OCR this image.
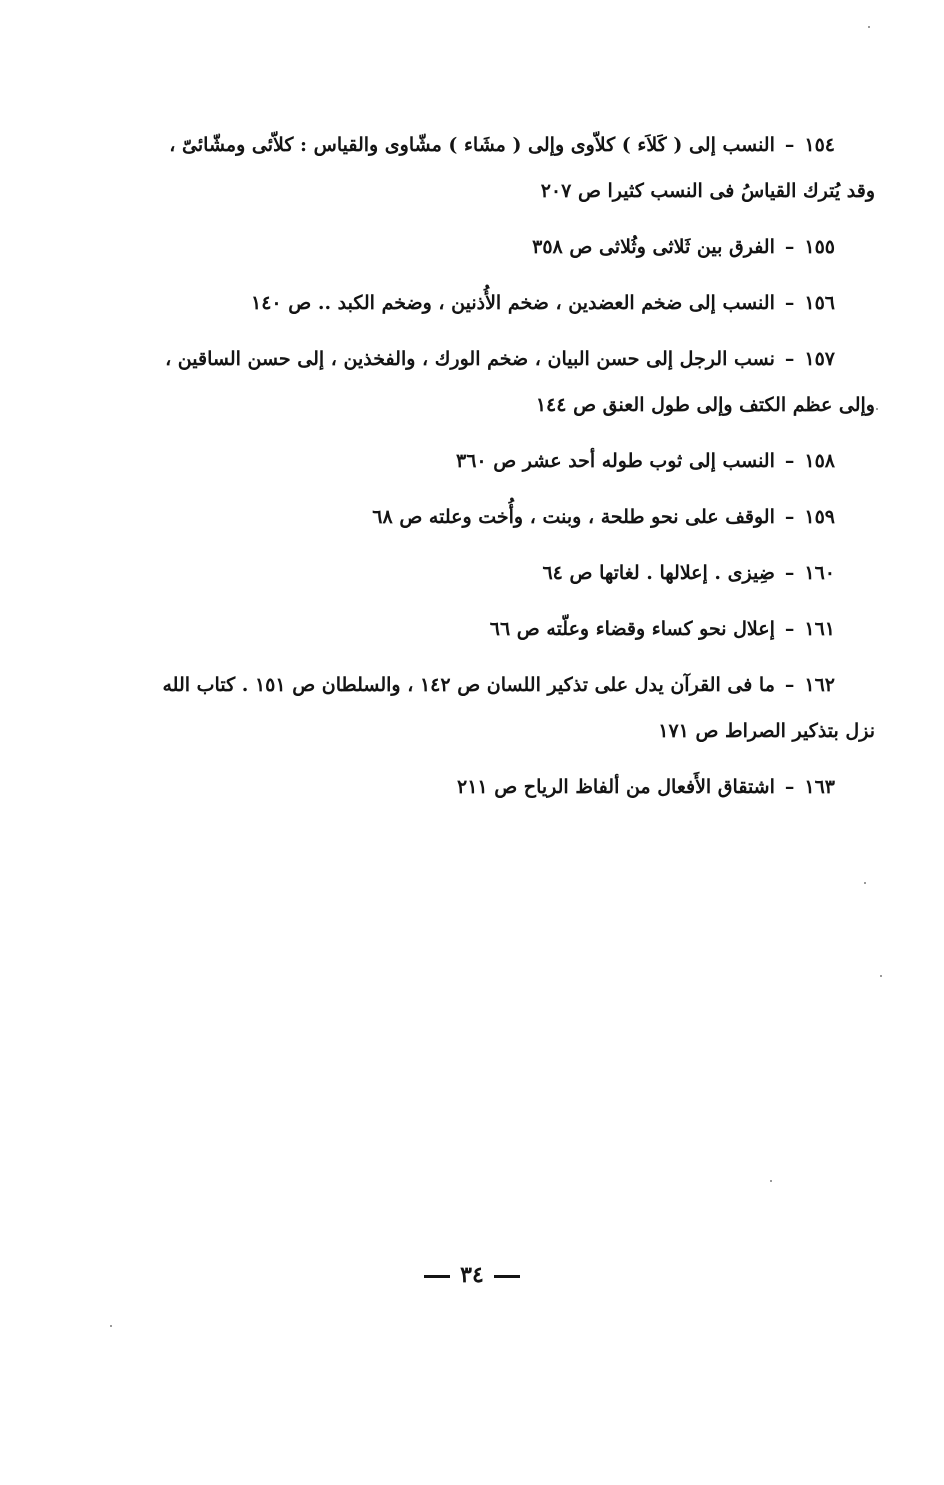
١٥٤–النسب إلى ( كَلاَء ) كلاّوى وإلى ( مشَاء ) مشّاوى والقياس : كلاّئى ومشّائىّ ،
وقد يُترك القياسُ فى النسب كثيرا ص ٢٠٧
١٥٥–الفرق بين ثَلاثى وثُلاثى ص ٣٥٨
١٥٦–النسب إلى ضخم العضدين ، ضخم الأُذنين ، وضخم الكبد .. ص ١٤٠
١٥٧–نسب الرجل إلى حسن البيان ، ضخم الورك ، والفخذين ، إلى حسن الساقين ،
وإلى عظم الكتف وإلى طول العنق ص ١٤٤
١٥٨–النسب إلى ثوب طوله أحد عشر ص ٣٦٠
١٥٩–الوقف على نحو طلحة ، وبنت ، وأُخت وعلته ص ٦٨
١٦٠–ضِيزى . إعلالها . لغاتها ص ٦٤
١٦١–إعلال نحو كساء وقضاء وعلّته ص ٦٦
١٦٢–ما فى القرآن يدل على تذكير اللسان ص ١٤٢ ، والسلطان ص ١٥١ . كتاب الله
نزل بتذكير الصراط ص ١٧١
١٦٣–اشتقاق الأَفعال من ألفاظ الرياح ص ٢١١
٣٤
